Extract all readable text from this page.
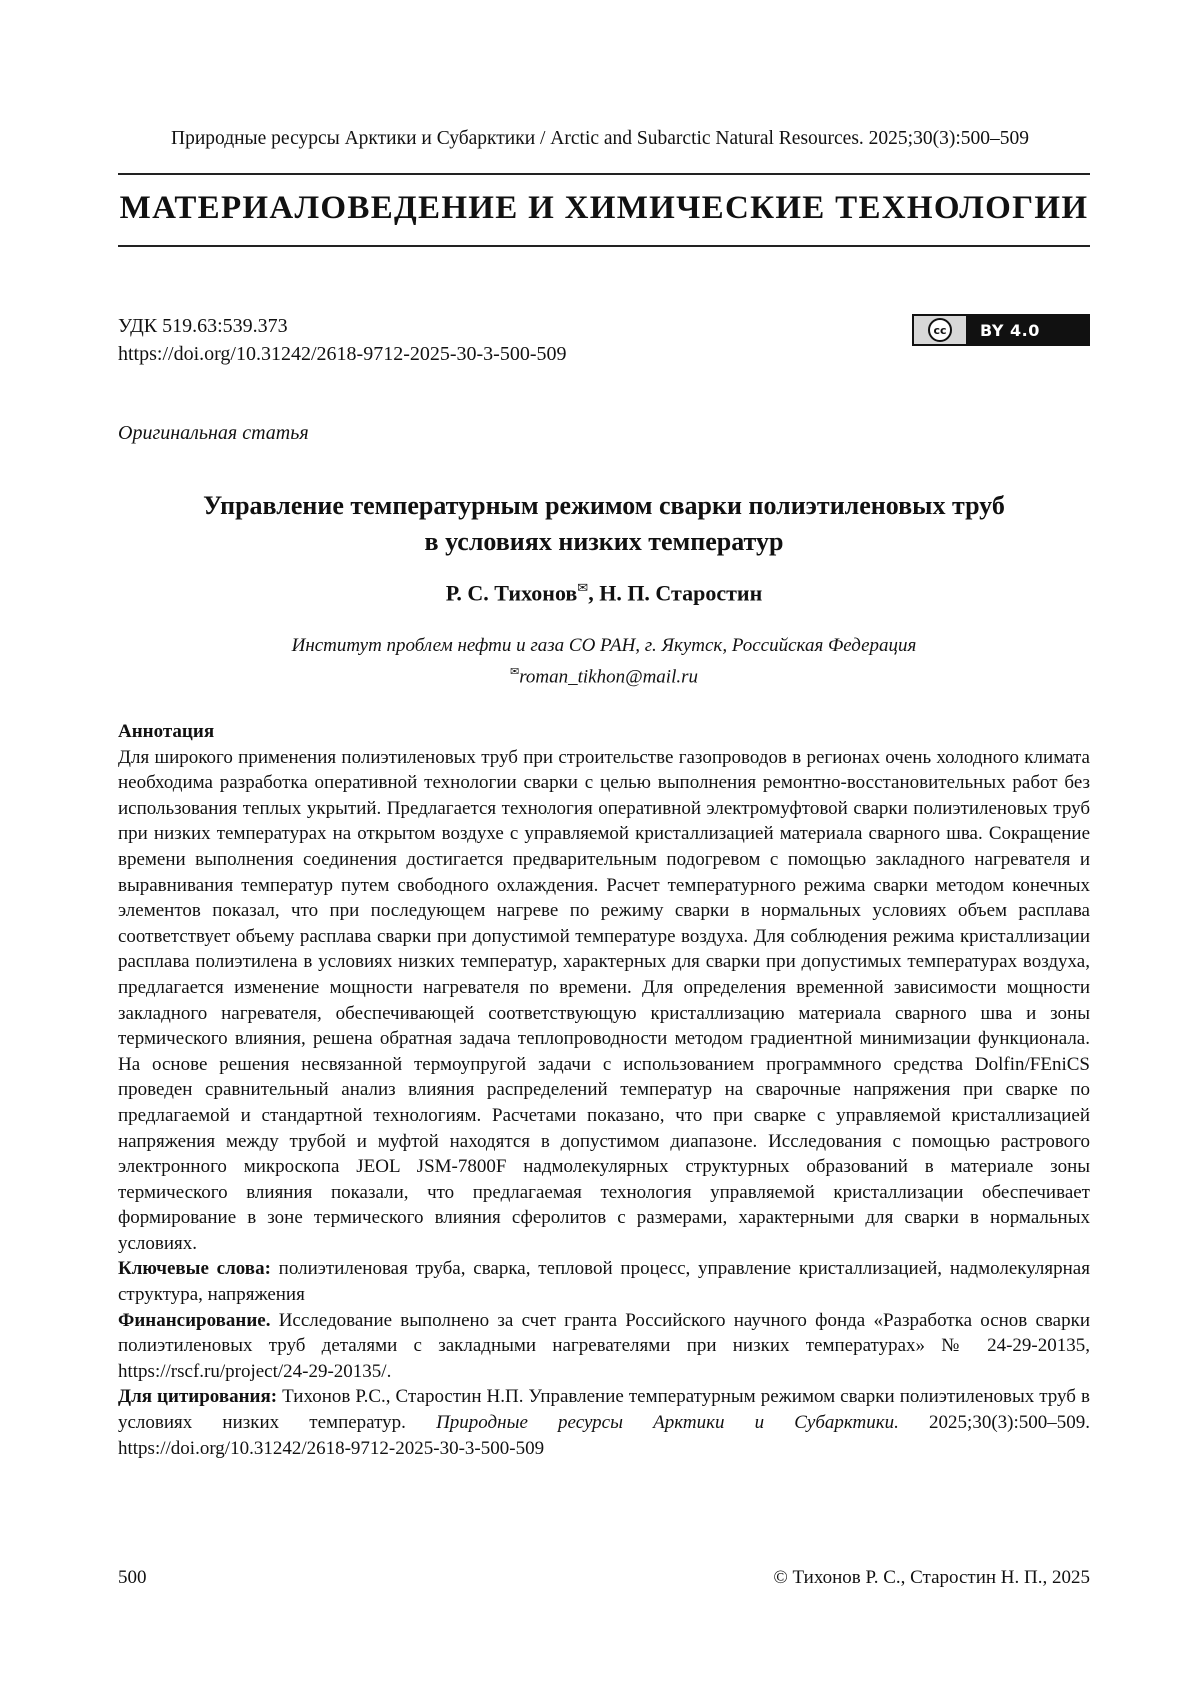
Природные ресурсы Арктики и Субарктики / Arctic and Subarctic Natural Resources. 2025;30(3):500–509
МАТЕРИАЛОВЕДЕНИЕ И ХИМИЧЕСКИЕ ТЕХНОЛОГИИ
УДК 519.63:539.373
https://doi.org/10.31242/2618-9712-2025-30-3-500-509
cc	BY 4.0
Оригинальная статья
Управление температурным режимом сварки полиэтиленовых труб
в условиях низких температур
Р. С. Тихонов✉, Н. П. Старостин
Институт проблем нефти и газа СО РАН, г. Якутск, Российская Федерация
✉roman_tikhon@mail.ru
Аннотация

Для широкого применения полиэтиленовых труб при строительстве газопроводов в регионах очень холодного климата необходима разработка оперативной технологии сварки с целью выполнения ремонтно-восстановительных работ без использования теплых укрытий. Предлагается технология оперативной электромуфтовой сварки полиэтиленовых труб при низких температурах на открытом воздухе с управляемой кристаллизацией материала сварного шва. Сокращение времени выполнения соединения достигается предварительным подогревом с помощью закладного нагревателя и выравнивания температур путем свободного охлаждения. Расчет температурного режима сварки методом конечных элементов показал, что при последующем нагреве по режиму сварки в нормальных условиях объем расплава соответствует объему расплава сварки при допустимой температуре воздуха. Для соблюдения режима кристаллизации расплава полиэтилена в условиях низких температур, характерных для сварки при допустимых температурах воздуха, предлагается изменение мощности нагревателя по времени. Для определения временной зависимости мощности закладного нагревателя, обеспечивающей соответствующую кристаллизацию материала сварного шва и зоны термического влияния, решена обратная задача теплопроводности методом градиентной минимизации функционала. На основе решения несвязанной термоупругой задачи с использованием программного средства Dolfin/FEniCS проведен сравнительный анализ влияния распределений температур на сварочные напряжения при сварке по предлагаемой и стандартной технологиям. Расчетами показано, что при сварке с управляемой кристаллизацией напряжения между трубой и муфтой находятся в допустимом диапазоне. Исследования с помощью растрового электронного микроскопа JEOL JSM-7800F надмолекулярных структурных образований в материале зоны термического влияния показали, что предлагаемая технология управляемой кристаллизации обеспечивает формирование в зоне термического влияния сферолитов с размерами, характерными для сварки в нормальных условиях.

Ключевые слова: полиэтиленовая труба, сварка, тепловой процесс, управление кристаллизацией, надмолекулярная структура, напряжения

Финансирование. Исследование выполнено за счет гранта Российского научного фонда «Разработка основ сварки полиэтиленовых труб деталями с закладными нагревателями при низких температурах» № 24-29-20135, https://rscf.ru/project/24-29-20135/.

Для цитирования: Тихонов Р.С., Старостин Н.П. Управление температурным режимом сварки полиэтиленовых труб в условиях низких температур. Природные ресурсы Арктики и Субарктики. 2025;30(3):500–509. https://doi.org/10.31242/2618-9712-2025-30-3-500-509

500	© Тихонов Р. С., Старостин Н. П., 2025
